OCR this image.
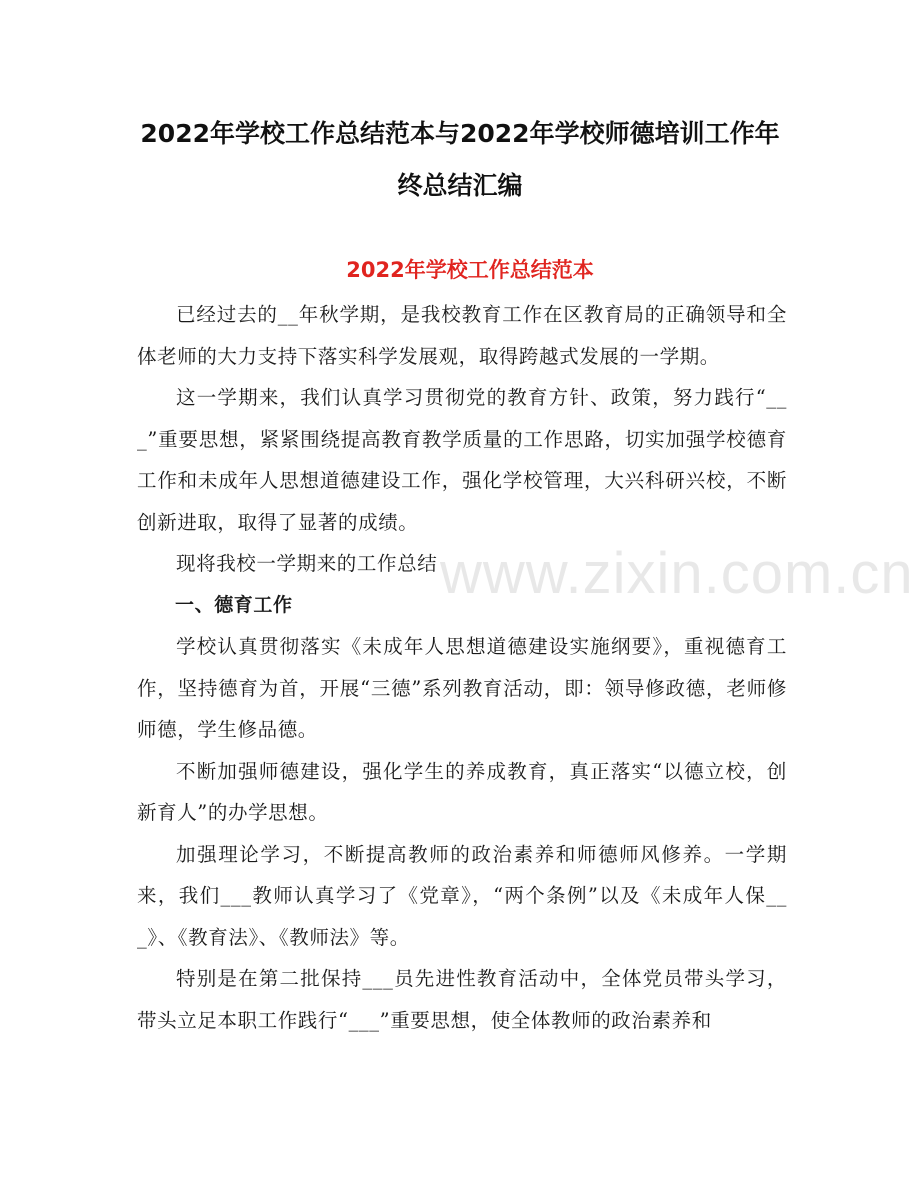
2022年学校工作总结范本与2022年学校师德培训工作年终总结汇编
2022年学校工作总结范本

已经过去的__年秋学期，是我校教育工作在区教育局的正确领导和全体老师的大力支持下落实科学发展观，取得跨越式发展的一学期。

这一学期来，我们认真学习贯彻党的教育方针、政策，努力践行“___”重要思想，紧紧围绕提高教育教学质量的工作思路，切实加强学校德育工作和未成年人思想道德建设工作，强化学校管理，大兴科研兴校，不断创新进取，取得了显著的成绩。

现将我校一学期来的工作总结

一、德育工作

学校认真贯彻落实《未成年人思想道德建设实施纲要》，重视德育工作，坚持德育为首，开展“三德”系列教育活动，即：领导修政德，老师修师德，学生修品德。

不断加强师德建设，强化学生的养成教育，真正落实“以德立校，创新育人”的办学思想。

加强理论学习，不断提高教师的政治素养和师德师风修养。一学期来，我们___教师认真学习了《党章》，“两个条例”以及《未成年人保___》、《教育法》、《教师法》等。

特别是在第二批保持___员先进性教育活动中，全体党员带头学习，带头立足本职工作践行“___”重要思想，使全体教师的政治素养和

www.zixin.com.cn
